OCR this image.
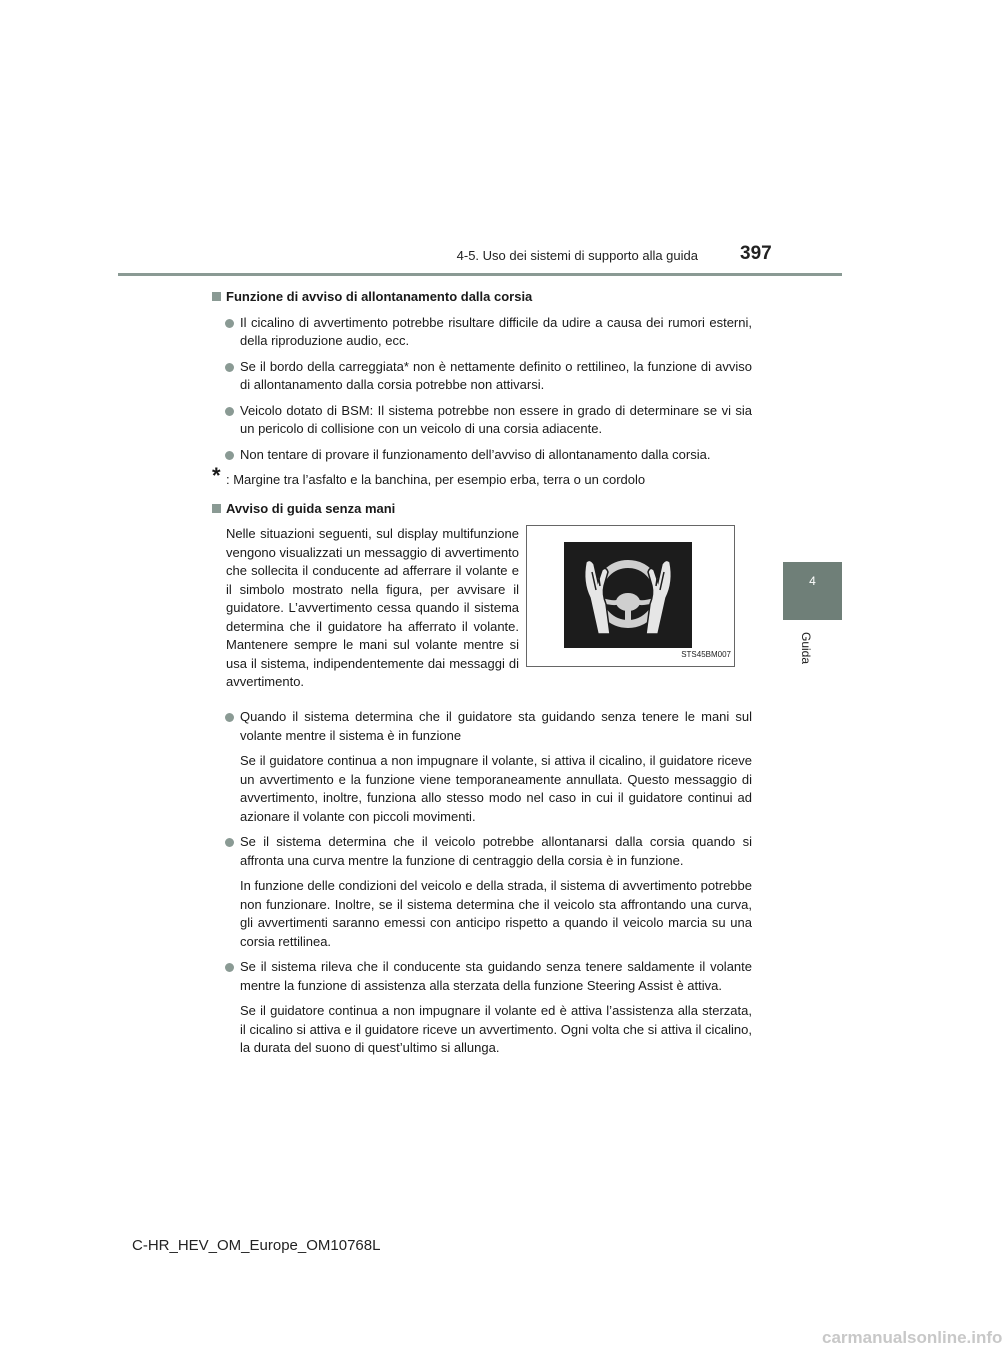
4-5. Uso dei sistemi di supporto alla guida 397
4
Guida
Funzione di avviso di allontanamento dalla corsia
Il cicalino di avvertimento potrebbe risultare difficile da udire a causa dei rumori esterni, della riproduzione audio, ecc.
Se il bordo della carreggiata* non è nettamente definito o rettilineo, la funzione di avviso di allontanamento dalla corsia potrebbe non attivarsi.
Veicolo dotato di BSM: Il sistema potrebbe non essere in grado di determinare se vi sia un pericolo di collisione con un veicolo di una corsia adiacente.
Non tentare di provare il funzionamento dell’avviso di allontanamento dalla corsia.
* : Margine tra l’asfalto e la banchina, per esempio erba, terra o un cordolo
Avviso di guida senza mani
Nelle situazioni seguenti, sul display multifunzione vengono visualizzati un messaggio di avvertimento che sollecita il conducente ad afferrare il volante e il simbolo mostrato nella figura, per avvisare il guidatore. L’avvertimento cessa quando il sistema determina che il guidatore ha afferrato il volante. Mantenere sempre le mani sul volante mentre si usa il sistema, indipendentemente dai messaggi di avvertimento.
STS45BM007
Quando il sistema determina che il guidatore sta guidando senza tenere le mani sul volante mentre il sistema è in funzione
Se il guidatore continua a non impugnare il volante, si attiva il cicalino, il guidatore riceve un avvertimento e la funzione viene temporaneamente annullata. Questo messaggio di avvertimento, inoltre, funziona allo stesso modo nel caso in cui il guidatore continui ad azionare il volante con piccoli movimenti.
Se il sistema determina che il veicolo potrebbe allontanarsi dalla corsia quando si affronta una curva mentre la funzione di centraggio della corsia è in funzione.
In funzione delle condizioni del veicolo e della strada, il sistema di avvertimento potrebbe non funzionare. Inoltre, se il sistema determina che il veicolo sta affrontando una curva, gli avvertimenti saranno emessi con anticipo rispetto a quando il veicolo marcia su una corsia rettilinea.
Se il sistema rileva che il conducente sta guidando senza tenere saldamente il volante mentre la funzione di assistenza alla sterzata della funzione Steering Assist è attiva.
Se il guidatore continua a non impugnare il volante ed è attiva l’assistenza alla sterzata, il cicalino si attiva e il guidatore riceve un avvertimento. Ogni volta che si attiva il cicalino, la durata del suono di quest’ultimo si allunga.
C-HR_HEV_OM_Europe_OM10768L
carmanualsonline.info
